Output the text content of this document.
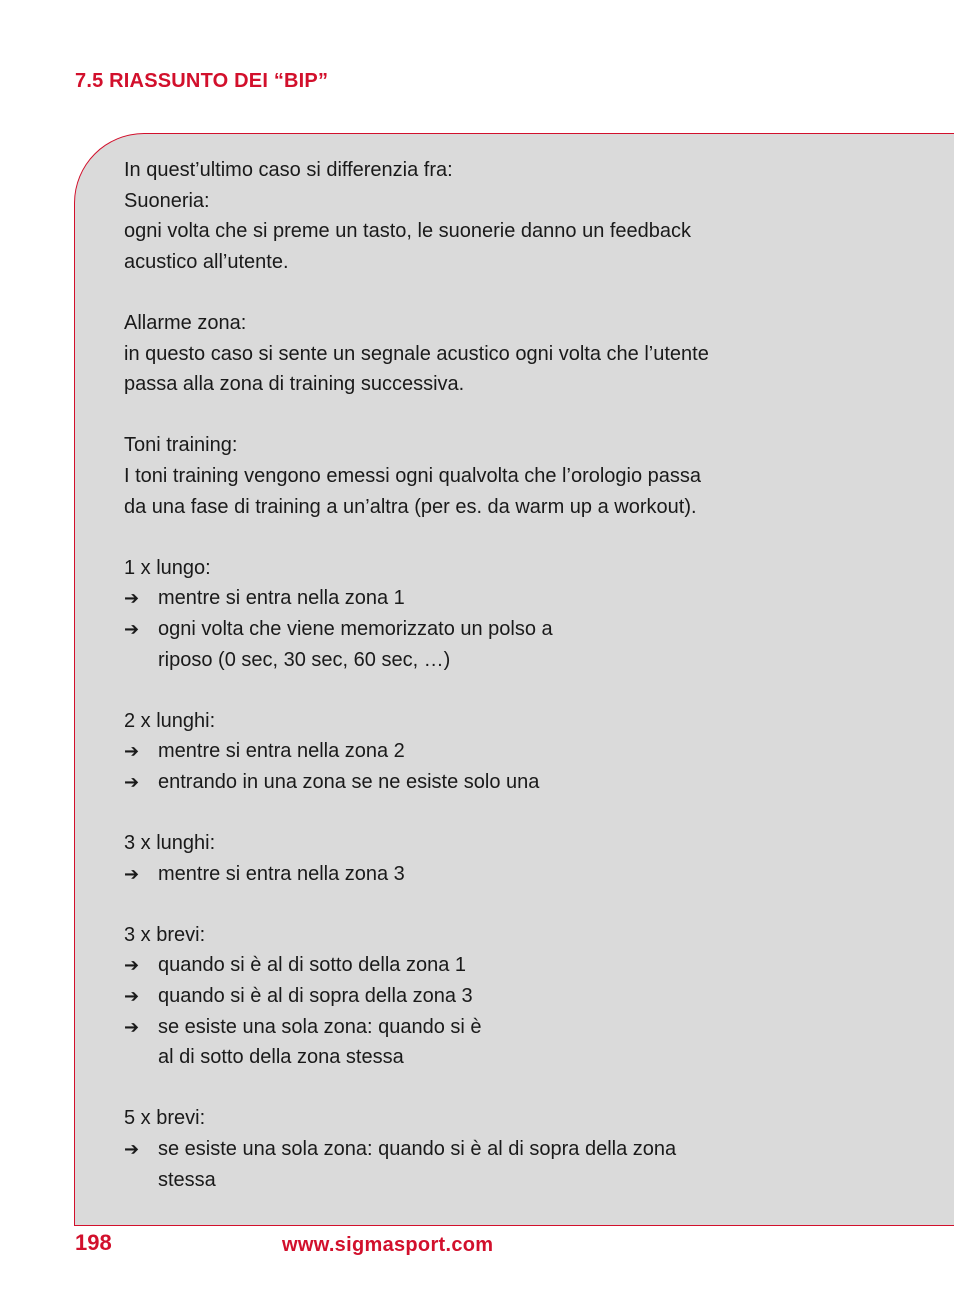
7.5 RIASSUNTO DEI “BIP”
In quest’ultimo caso si differenzia fra:
Suoneria:
ogni volta che si preme un tasto, le suonerie danno un feedback
acustico all’utente.
Allarme zona:
in questo caso si sente un segnale acustico ogni volta che l’utente
passa alla zona di training successiva.
Toni training:
I toni training vengono emessi ogni qualvolta che l’orologio passa
da una fase di training a un’altra (per es. da warm up a workout).
1 x lungo:
➔ mentre si entra nella zona 1
➔ ogni volta che viene memorizzato un polso a
riposo (0 sec, 30 sec, 60 sec, …)
2 x lunghi:
➔ mentre si entra nella zona 2
➔ entrando in una zona se ne esiste solo una
3 x lunghi:
➔ mentre si entra nella zona 3
3 x brevi:
➔ quando si è al di sotto della zona 1
➔ quando si è al di sopra della zona 3
➔ se esiste una sola zona: quando si è
al di sotto della zona stessa
5 x brevi:
➔ se esiste una sola zona: quando si è al di sopra della zona
stessa
198	www.sigmasport.com
